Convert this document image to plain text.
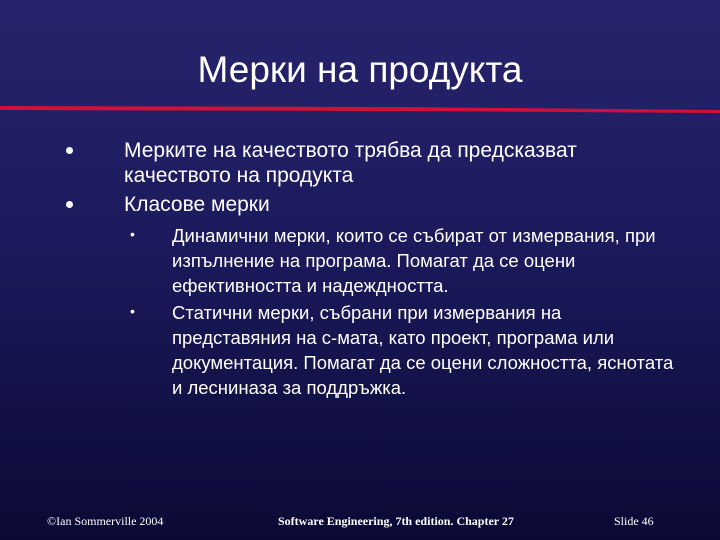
Мерки на продукта
Мерките на качеството трябва да предсказват качеството на продукта
Класове мерки
• Динамични мерки, които се събират от измервания, при изпълнение на програма. Помагат да се оцени ефективността и надеждността.
• Статични мерки, събрани при измервания на представяния на с-мата, като проект, програма или документация. Помагат да се оцени сложността, яснотата и лесниназа за поддръжка.
©Ian Sommerville 2004	Software Engineering, 7th edition. Chapter 27	Slide 46
